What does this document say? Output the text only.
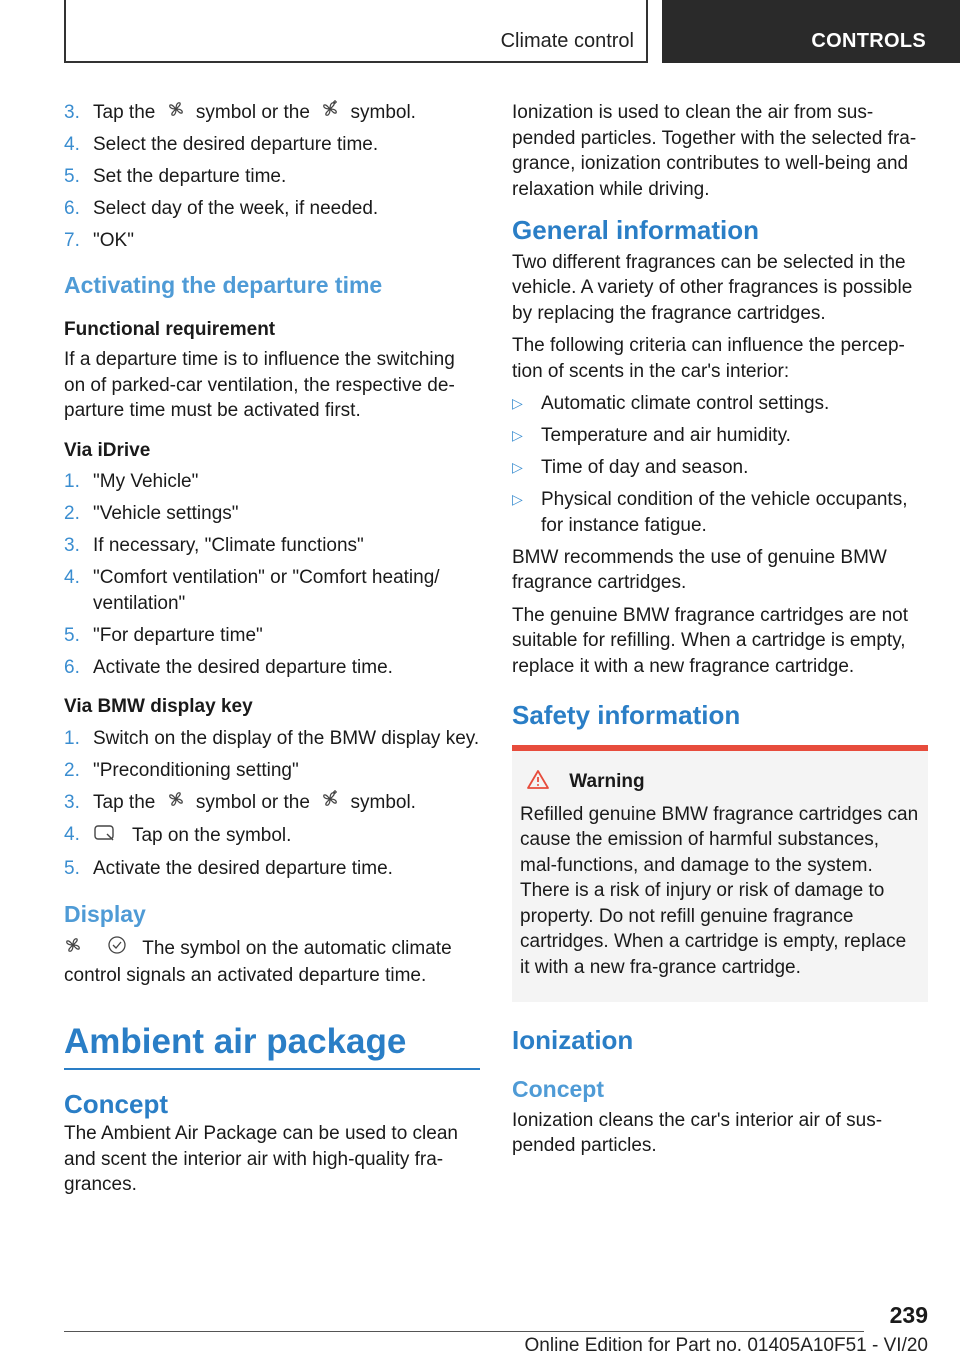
Climate control	CONTROLS
3. Tap the symbol or the symbol.
4. Select the desired departure time.
5. Set the departure time.
6. Select day of the week, if needed.
7. "OK"
Activating the departure time
Functional requirement

If a departure time is to influence the switching on of parked-car ventilation, the respective de-parture time must be activated first.

Via iDrive
1. "My Vehicle"
2. "Vehicle settings"
3. If necessary, "Climate functions"
4. "Comfort ventilation" or "Comfort heating/ ventilation"
5. "For departure time"
6. Activate the desired departure time.
Via BMW display key
1. Switch on the display of the BMW display key.
2. "Preconditioning setting"
3. Tap the symbol or the symbol.
4.	Tap on the symbol.
5. Activate the desired departure time.
Display

The symbol on the automatic climate control signals an activated departure time.

Ambient air package

Concept

The Ambient Air Package can be used to clean and scent the interior air with high-quality fra-grances.

Ionization is used to clean the air from sus-pended particles. Together with the selected fra-grance, ionization contributes to well-being and relaxation while driving.

General information

Two different fragrances can be selected in the vehicle. A variety of other fragrances is possible by replacing the fragrance cartridges.

The following criteria can influence the percep-tion of scents in the car's interior:

▷ Automatic climate control settings.
▷ Temperature and air humidity.
▷ Time of day and season.
▷ Physical condition of the vehicle occupants, for instance fatigue.

BMW recommends the use of genuine BMW fragrance cartridges.

The genuine BMW fragrance cartridges are not suitable for refilling. When a cartridge is empty, replace it with a new fragrance cartridge.

Safety information

Warning

Refilled genuine BMW fragrance cartridges can cause the emission of harmful substances, mal-functions, and damage to the system. There is a risk of injury or risk of damage to property. Do not refill genuine fragrance cartridges. When a cartridge is empty, replace it with a new fra-grance cartridge.

Ionization

Concept

Ionization cleans the car's interior air of sus-pended particles.

239
Online Edition for Part no. 01405A10F51 - VI/20
